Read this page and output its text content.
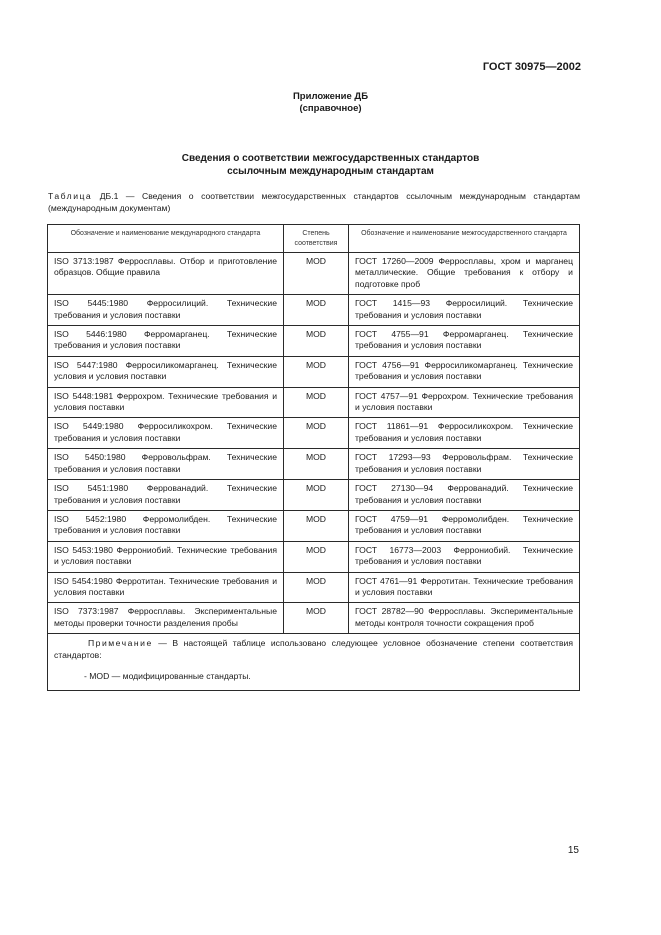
ГОСТ 30975—2002
Приложение ДБ
(справочное)
Сведения о соответствии межгосударственных стандартов
ссылочным международным стандартам
Таблица ДБ.1 — Сведения о соответствии межгосударственных стандартов ссылочным международным стандартам (международным документам)
Обозначение и наименование международного стандарта	Степень соответствия	Обозначение и наименование межгосударственного стандарта
ISO 3713:1987 Ферросплавы. Отбор и приготовление образцов. Общие правила	MOD	ГОСТ 17260—2009 Ферросплавы, хром и марганец металлические. Общие требования к отбору и подготовке проб
ISO 5445:1980 Ферросилиций. Технические требования и условия поставки	MOD	ГОСТ 1415—93 Ферросилиций. Технические требования и условия поставки
ISO 5446:1980 Ферромарганец. Технические требования и условия поставки	MOD	ГОСТ 4755—91 Ферромарганец. Технические требования и условия поставки
ISO 5447:1980 Ферросиликомарганец. Технические условия и условия поставки	MOD	ГОСТ 4756—91 Ферросиликомарганец. Технические требования и условия поставки
ISO 5448:1981 Феррохром. Технические требования и условия поставки	MOD	ГОСТ 4757—91 Феррохром. Технические требования и условия поставки
ISO 5449:1980 Ферросиликохром. Технические требования и условия поставки	MOD	ГОСТ 11861—91 Ферросиликохром. Технические требования и условия поставки
ISO 5450:1980 Ферровольфрам. Технические требования и условия поставки	MOD	ГОСТ 17293—93 Ферровольфрам. Технические требования и условия поставки
ISO 5451:1980 Феррованадий. Технические требования и условия поставки	MOD	ГОСТ 27130—94 Феррованадий. Технические требования и условия поставки
ISO 5452:1980 Ферромолибден. Технические требования и условия поставки	MOD	ГОСТ 4759—91 Ферромолибден. Технические требования и условия поставки
ISO 5453:1980 Феррониобий. Технические требования и условия поставки	MOD	ГОСТ 16773—2003 Феррониобий. Технические требования и условия поставки
ISO 5454:1980 Ферротитан. Технические требования и условия поставки	MOD	ГОСТ 4761—91 Ферротитан. Технические требования и условия поставки
ISO 7373:1987 Ферросплавы. Экспериментальные методы проверки точности разделения пробы	MOD	ГОСТ 28782—90 Ферросплавы. Экспериментальные методы контроля точности сокращения проб

Примечание — В настоящей таблице использовано следующее условное обозначение степени соответствия стандартов:
- MOD — модифицированные стандарты.		
15
